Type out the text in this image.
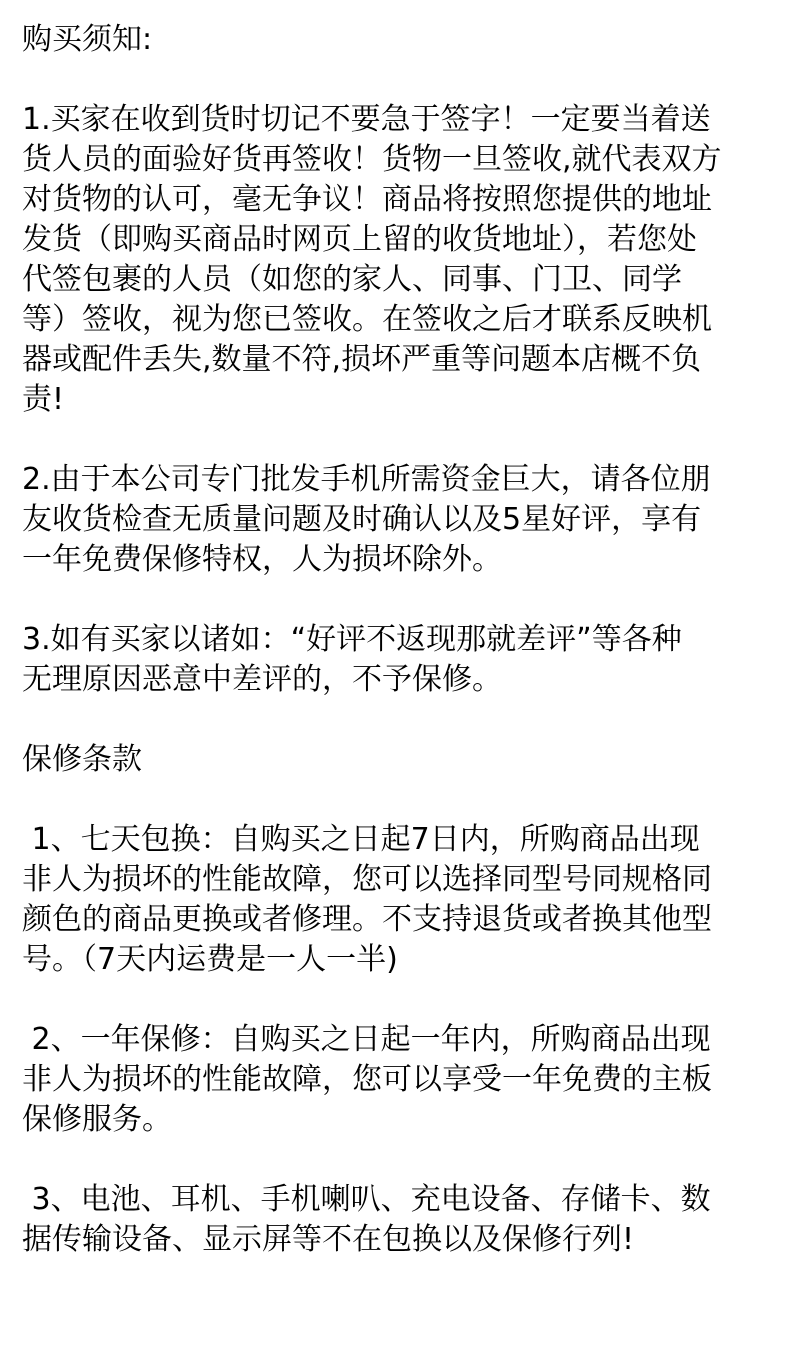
购买须知:
1.买家在收到货时切记不要急于签字！一定要当着送
货人员的面验好货再签收！货物一旦签收,就代表双方
对货物的认可，毫无争议！商品将按照您提供的地址
发货（即购买商品时网页上留的收货地址），若您处
代签包裹的人员（如您的家人、同事、门卫、同学
等）签收，视为您已签收。在签收之后才联系反映机
器或配件丢失,数量不符,损坏严重等问题本店概不负
责!
2.由于本公司专门批发手机所需资金巨大，请各位朋
友收货检查无质量问题及时确认以及5星好评，享有
一年免费保修特权，人为损坏除外。
3.如有买家以诸如：“好评不返现那就差评”等各种
无理原因恶意中差评的，不予保修。
保修条款
1、七天包换：自购买之日起7日内，所购商品出现
非人为损坏的性能故障，您可以选择同型号同规格同
颜色的商品更换或者修理。不支持退货或者换其他型
号。（7天内运费是一人一半)
2、一年保修：自购买之日起一年内，所购商品出现
非人为损坏的性能故障，您可以享受一年免费的主板
保修服务。
3、电池、耳机、手机喇叭、充电设备、存储卡、数
据传输设备、显示屏等不在包换以及保修行列!
